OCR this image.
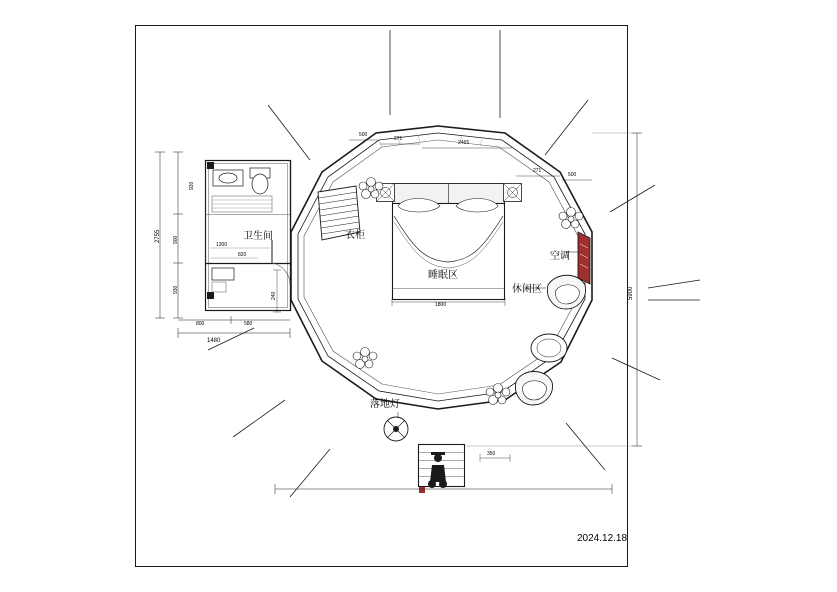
卫生间	衣柜
睡眠区
空调
休闲区
落地灯
2755
920
900
930
1480
800	580
240
500
271
2465
271
500
5900
1800
1300
820
350
2024.12.18
